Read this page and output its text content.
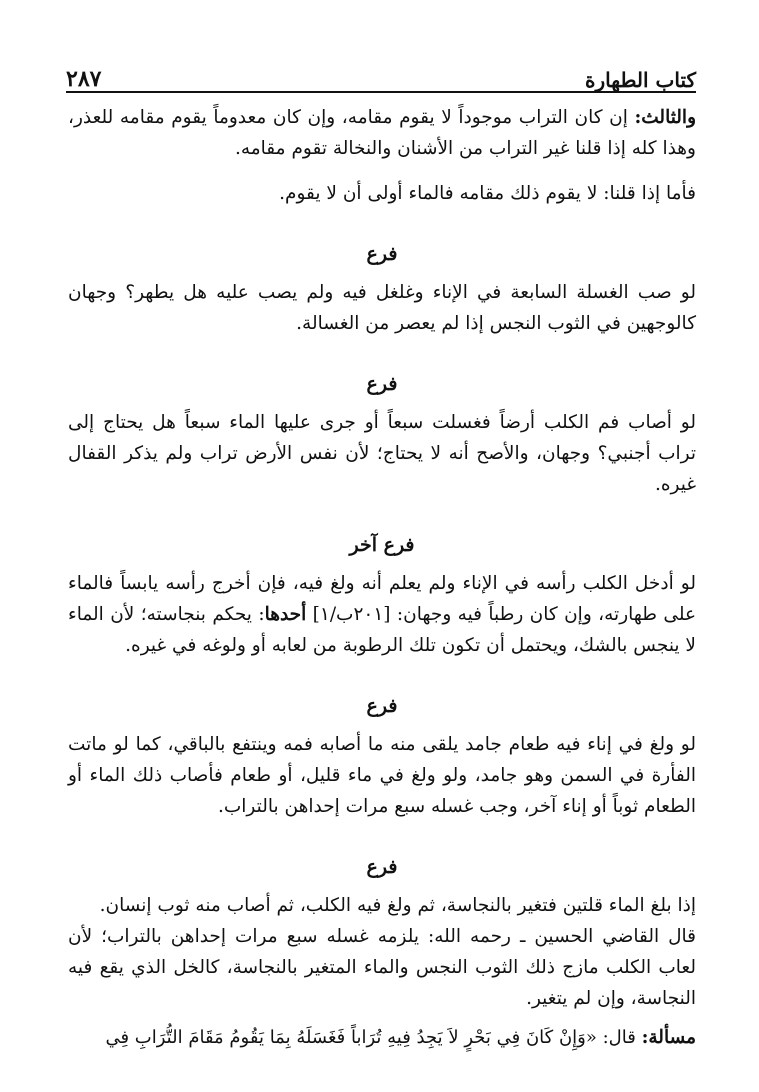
كتاب الطهارة
٢٨٧

والثالث: إن كان التراب موجوداً لا يقوم مقامه، وإن كان معدوماً يقوم مقامه للعذر، وهذا كله إذا قلنا غير التراب من الأشنان والنخالة تقوم مقامه.

فأما إذا قلنا: لا يقوم ذلك مقامه فالماء أولى أن لا يقوم.

فرع

لو صب الغسلة السابعة في الإناء وغلغل فيه ولم يصب عليه هل يطهر؟ وجهان كالوجهين في الثوب النجس إذا لم يعصر من الغسالة.

فرع

لو أصاب فم الكلب أرضاً فغسلت سبعاً أو جرى عليها الماء سبعاً هل يحتاج إلى تراب أجنبي؟ وجهان، والأصح أنه لا يحتاج؛ لأن نفس الأرض تراب ولم يذكر القفال غيره.

فرع آخر

لو أدخل الكلب رأسه في الإناء ولم يعلم أنه ولغ فيه، فإن أخرج رأسه يابساً فالماء على طهارته، وإن كان رطباً فيه وجهان: [٢٠١ب/١] أحدها: يحكم بنجاسته؛ لأن الماء لا ينجس بالشك، ويحتمل أن تكون تلك الرطوبة من لعابه أو ولوغه في غيره.

فرع

لو ولغ في إناء فيه طعام جامد يلقى منه ما أصابه فمه وينتفع بالباقي، كما لو ماتت الفأرة في السمن وهو جامد، ولو ولغ في ماء قليل، أو طعام فأصاب ذلك الماء أو الطعام ثوباً أو إناء آخر، وجب غسله سبع مرات إحداهن بالتراب.

فرع

إذا بلغ الماء قلتين فتغير بالنجاسة، ثم ولغ فيه الكلب، ثم أصاب منه ثوب إنسان.

قال القاضي الحسين ـ رحمه الله: يلزمه غسله سبع مرات إحداهن بالتراب؛ لأن لعاب الكلب مازج ذلك الثوب النجس والماء المتغير بالنجاسة، كالخل الذي يقع فيه النجاسة، وإن لم يتغير.

مسألة: قال: «وَإِنْ كَانَ فِي بَحْرٍ لاَ يَجِدُ فِيهِ تُرَاباً فَغَسَلَهُ بِمَا يَقُومُ مَقَامَ التُّرَابِ فِي
